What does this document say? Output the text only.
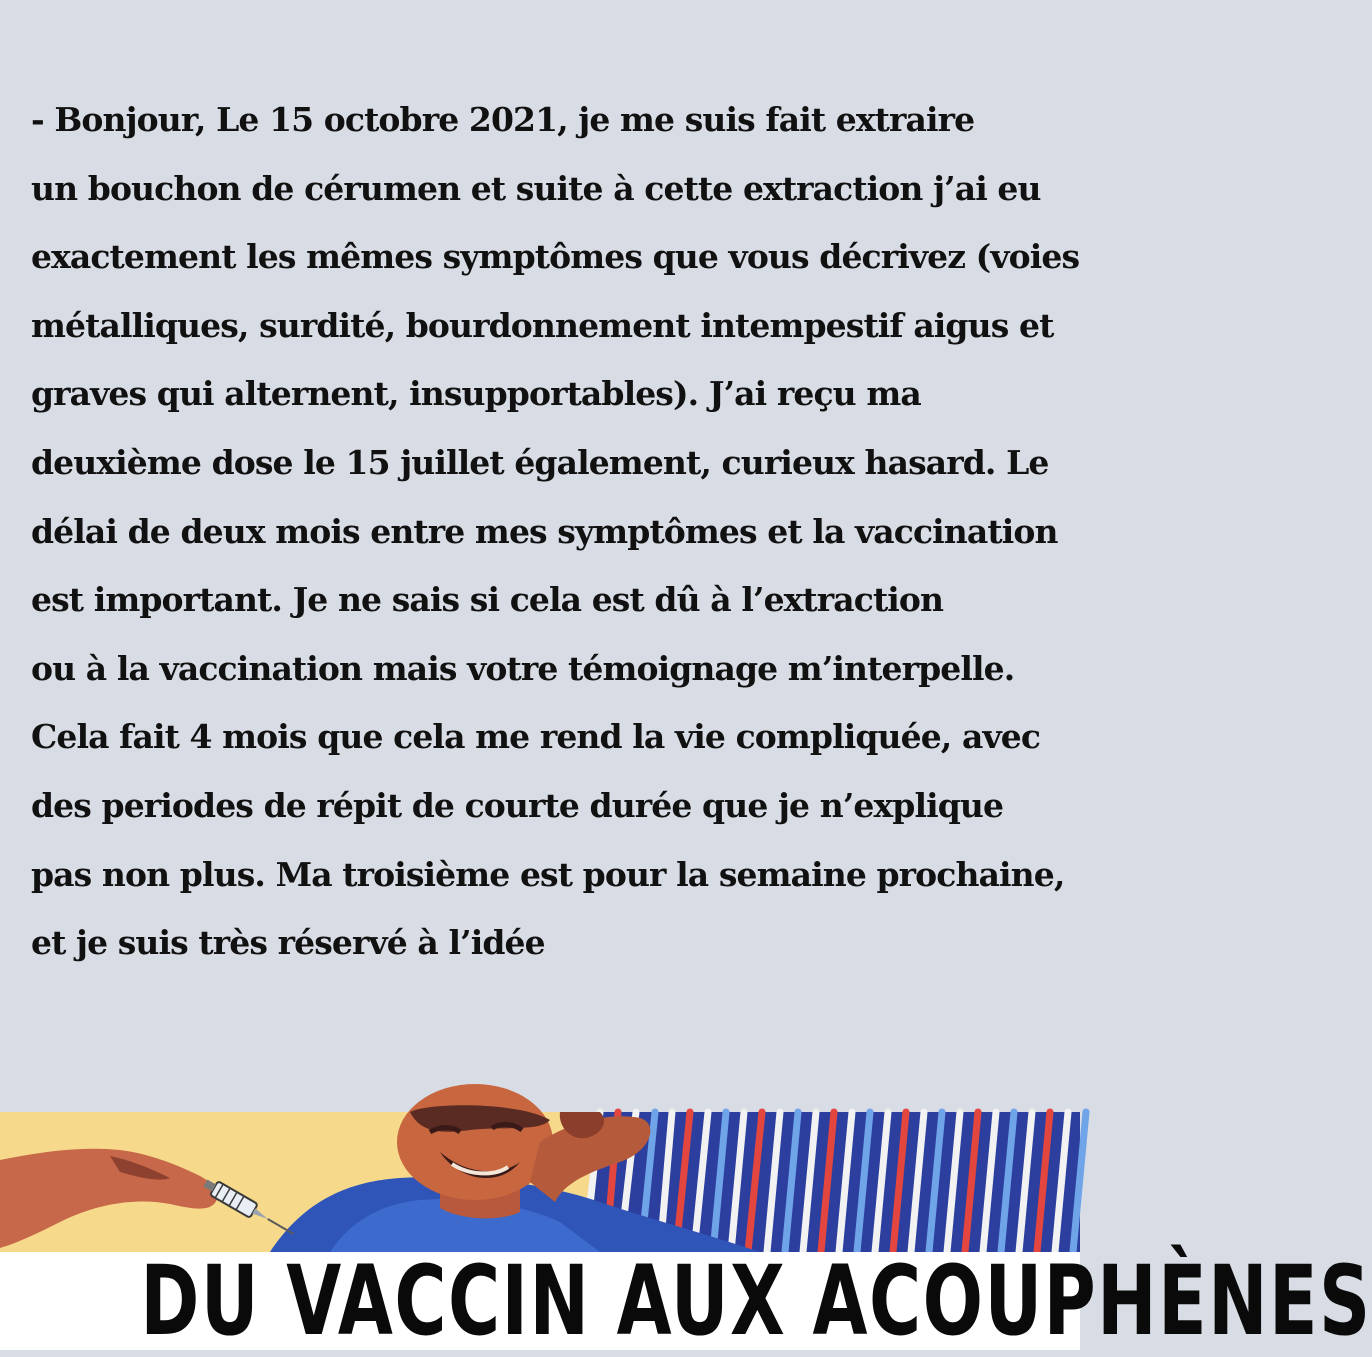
- Bonjour, Le 15 octobre 2021, je me suis fait extraire
un bouchon de cérumen et suite à cette extraction j’ai eu
exactement les mêmes symptômes que vous décrivez (voies
métalliques, surdité, bourdonnement intempestif aigus et
graves qui alternent, insupportables). J’ai reçu ma
deuxième dose le 15 juillet également, curieux hasard. Le
délai de deux mois entre mes symptômes et la vaccination
est important. Je ne sais si cela est dû à l’extraction
ou à la vaccination mais votre témoignage m’interpelle.
Cela fait 4 mois que cela me rend la vie compliquée, avec
des periodes de répit de courte durée que je n’explique
pas non plus. Ma troisième est pour la semaine prochaine,
et je suis très réservé à l’idée
DU VACCIN AUX ACOUPHÈNES
